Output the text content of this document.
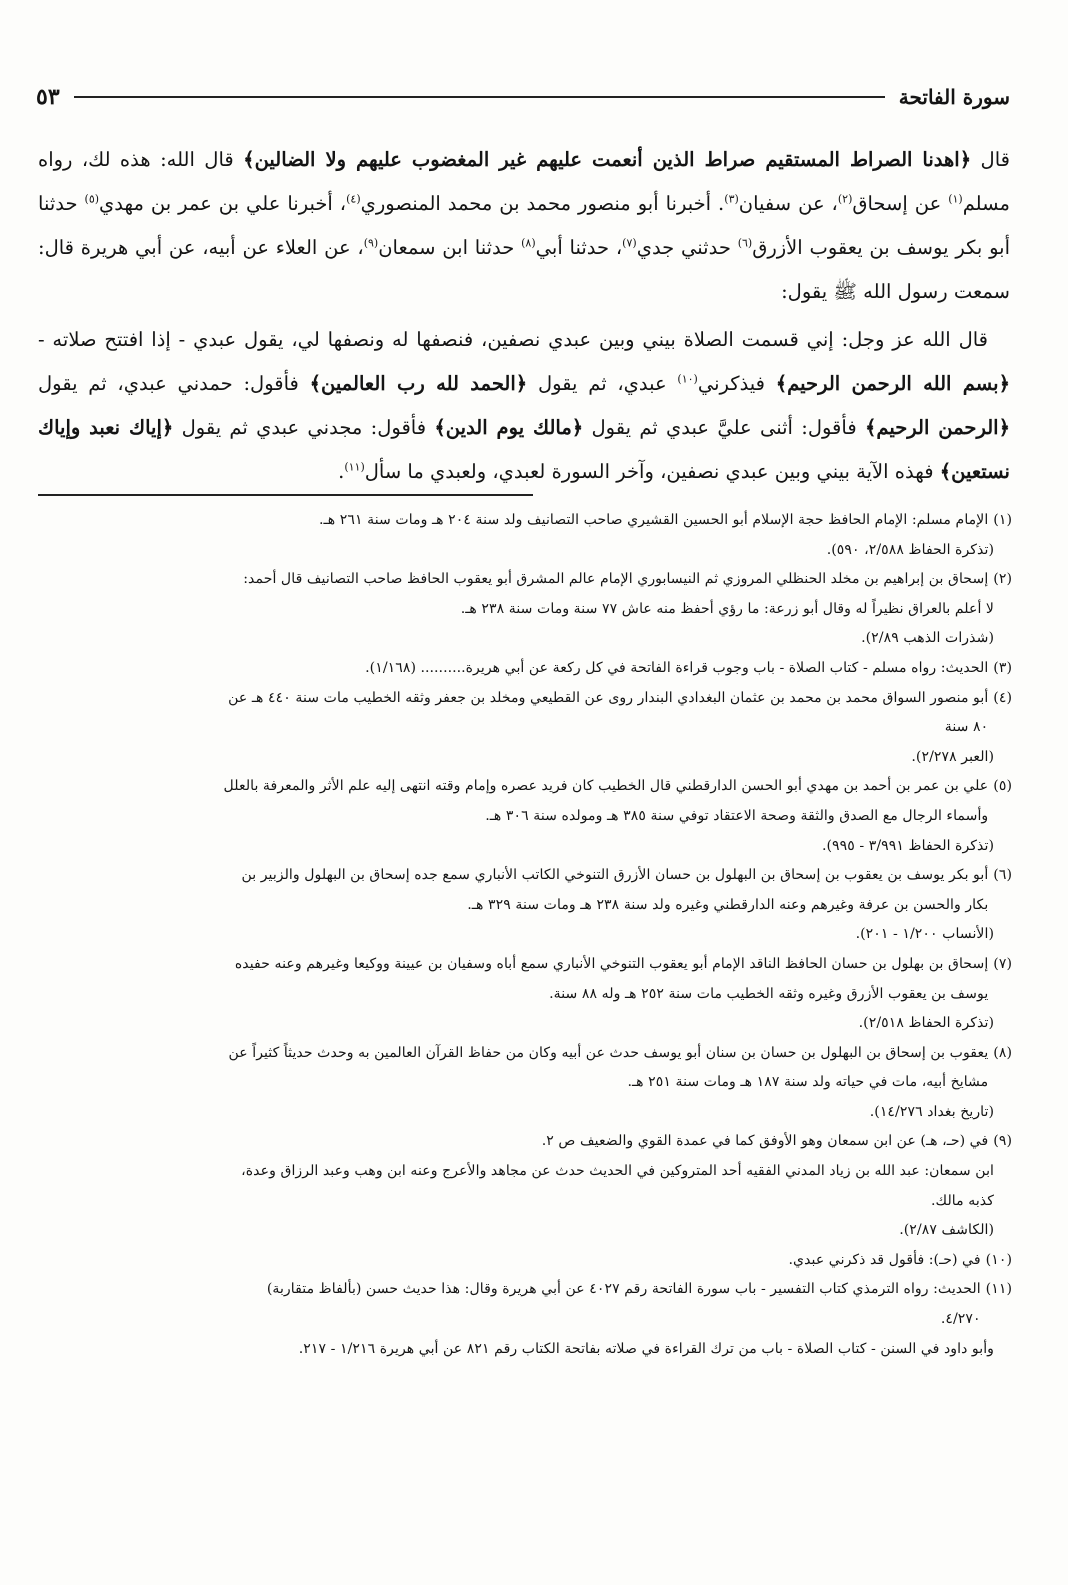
سورة الفاتحة
٥٣

قال ﴿اهدنا الصراط المستقيم صراط الذين أنعمت عليهم غير المغضوب عليهم ولا الضالين﴾ قال الله: هذه لك، رواه مسلم$^{(١)}$ عن إسحاق$^{(٢)}$، عن سفيان$^{(٣)}$. أخبرنا أبو منصور محمد بن محمد المنصوري$^{(٤)}$، أخبرنا علي بن عمر بن مهدي$^{(٥)}$ حدثنا أبو بكر يوسف بن يعقوب الأزرق$^{(٦)}$ حدثني جدي$^{(٧)}$، حدثنا أبي$^{(٨)}$ حدثنا ابن سمعان$^{(٩)}$، عن العلاء عن أبيه، عن أبي هريرة قال: سمعت رسول الله ﷺ يقول:

قال الله عز وجل: إني قسمت الصلاة بيني وبين عبدي نصفين، فنصفها له ونصفها لي، يقول عبدي - إذا افتتح صلاته - ﴿بسم الله الرحمن الرحيم﴾ فيذكرني$^{(١٠)}$ عبدي، ثم يقول ﴿الحمد لله رب العالمين﴾ فأقول: حمدني عبدي، ثم يقول ﴿الرحمن الرحيم﴾ فأقول: أثنى عليَّ عبدي ثم يقول ﴿مالك يوم الدين﴾ فأقول: مجدني عبدي ثم يقول ﴿إياك نعبد وإياك نستعين﴾ فهذه الآية بيني وبين عبدي نصفين، وآخر السورة لعبدي، ولعبدي ما سأل$^{(١١)}$.

(١)
الإمام مسلم: الإمام الحافظ حجة الإسلام أبو الحسين القشيري صاحب التصانيف ولد سنة ٢٠٤ هـ ومات سنة ٢٦١ هـ.
(تذكرة الحفاظ ٢/٥٨٨، ٥٩٠).
(٢)
إسحاق بن إبراهيم بن مخلد الحنظلي المروزي ثم النيسابوري الإمام عالم المشرق أبو يعقوب الحافظ صاحب التصانيف قال أحمد:
لا أعلم بالعراق نظيراً له وقال أبو زرعة: ما رؤي أحفظ منه عاش ٧٧ سنة ومات سنة ٢٣٨ هـ.
(شذرات الذهب ٢/٨٩).
(٣)
الحديث: رواه مسلم - كتاب الصلاة - باب وجوب قراءة الفاتحة في كل ركعة عن أبي هريرة.......... (١/١٦٨).
(٤)
أبو منصور السواق محمد بن محمد بن عثمان البغدادي البندار روى عن القطيعي ومخلد بن جعفر وثقه الخطيب مات سنة ٤٤٠ هـ عن
٨٠ سنة
(العبر ٢/٢٧٨).
(٥)
علي بن عمر بن أحمد بن مهدي أبو الحسن الدارقطني قال الخطيب كان فريد عصره وإمام وقته انتهى إليه علم الأثر والمعرفة بالعلل
وأسماء الرجال مع الصدق والثقة وصحة الاعتقاد توفي سنة ٣٨٥ هـ ومولده سنة ٣٠٦ هـ.
(تذكرة الحفاظ ٣/٩٩١ - ٩٩٥).
(٦)
أبو بكر يوسف بن يعقوب بن إسحاق بن البهلول بن حسان الأزرق التنوخي الكاتب الأنباري سمع جده إسحاق بن البهلول والزبير بن
بكار والحسن بن عرفة وغيرهم وعنه الدارقطني وغيره ولد سنة ٢٣٨ هـ ومات سنة ٣٢٩ هـ.
(الأنساب ١/٢٠٠ - ٢٠١).
(٧)
إسحاق بن بهلول بن حسان الحافظ الناقد الإمام أبو يعقوب التنوخي الأنباري سمع أباه وسفيان بن عيينة ووكيعا وغيرهم وعنه حفيده
يوسف بن يعقوب الأزرق وغيره وثقه الخطيب مات سنة ٢٥٢ هـ وله ٨٨ سنة.
(تذكرة الحفاظ ٢/٥١٨).
(٨)
يعقوب بن إسحاق بن البهلول بن حسان بن سنان أبو يوسف حدث عن أبيه وكان من حفاظ القرآن العالمين به وحدث حديثاً كثيراً عن
مشايخ أبيه، مات في حياته ولد سنة ١٨٧ هـ ومات سنة ٢٥١ هـ.
(تاريخ بغداد ١٤/٢٧٦).
(٩)
في (حـ، هـ) عن ابن سمعان وهو الأوفق كما في عمدة القوي والضعيف ص ٢.
ابن سمعان: عبد الله بن زياد المدني الفقيه أحد المتروكين في الحديث حدث عن مجاهد والأعرج وعنه ابن وهب وعبد الرزاق وعدة،
كذبه مالك.
(الكاشف ٢/٨٧).
(١٠)
في (حـ): فأقول قد ذكرني عبدي.
(١١)
الحديث: رواه الترمذي كتاب التفسير - باب سورة الفاتحة رقم ٤٠٢٧ عن أبي هريرة وقال: هذا حديث حسن (بألفاظ متقاربة)
٤/٢٧٠.
وأبو داود في السنن - كتاب الصلاة - باب من ترك القراءة في صلاته بفاتحة الكتاب رقم ٨٢١ عن أبي هريرة ١/٢١٦ - ٢١٧.
